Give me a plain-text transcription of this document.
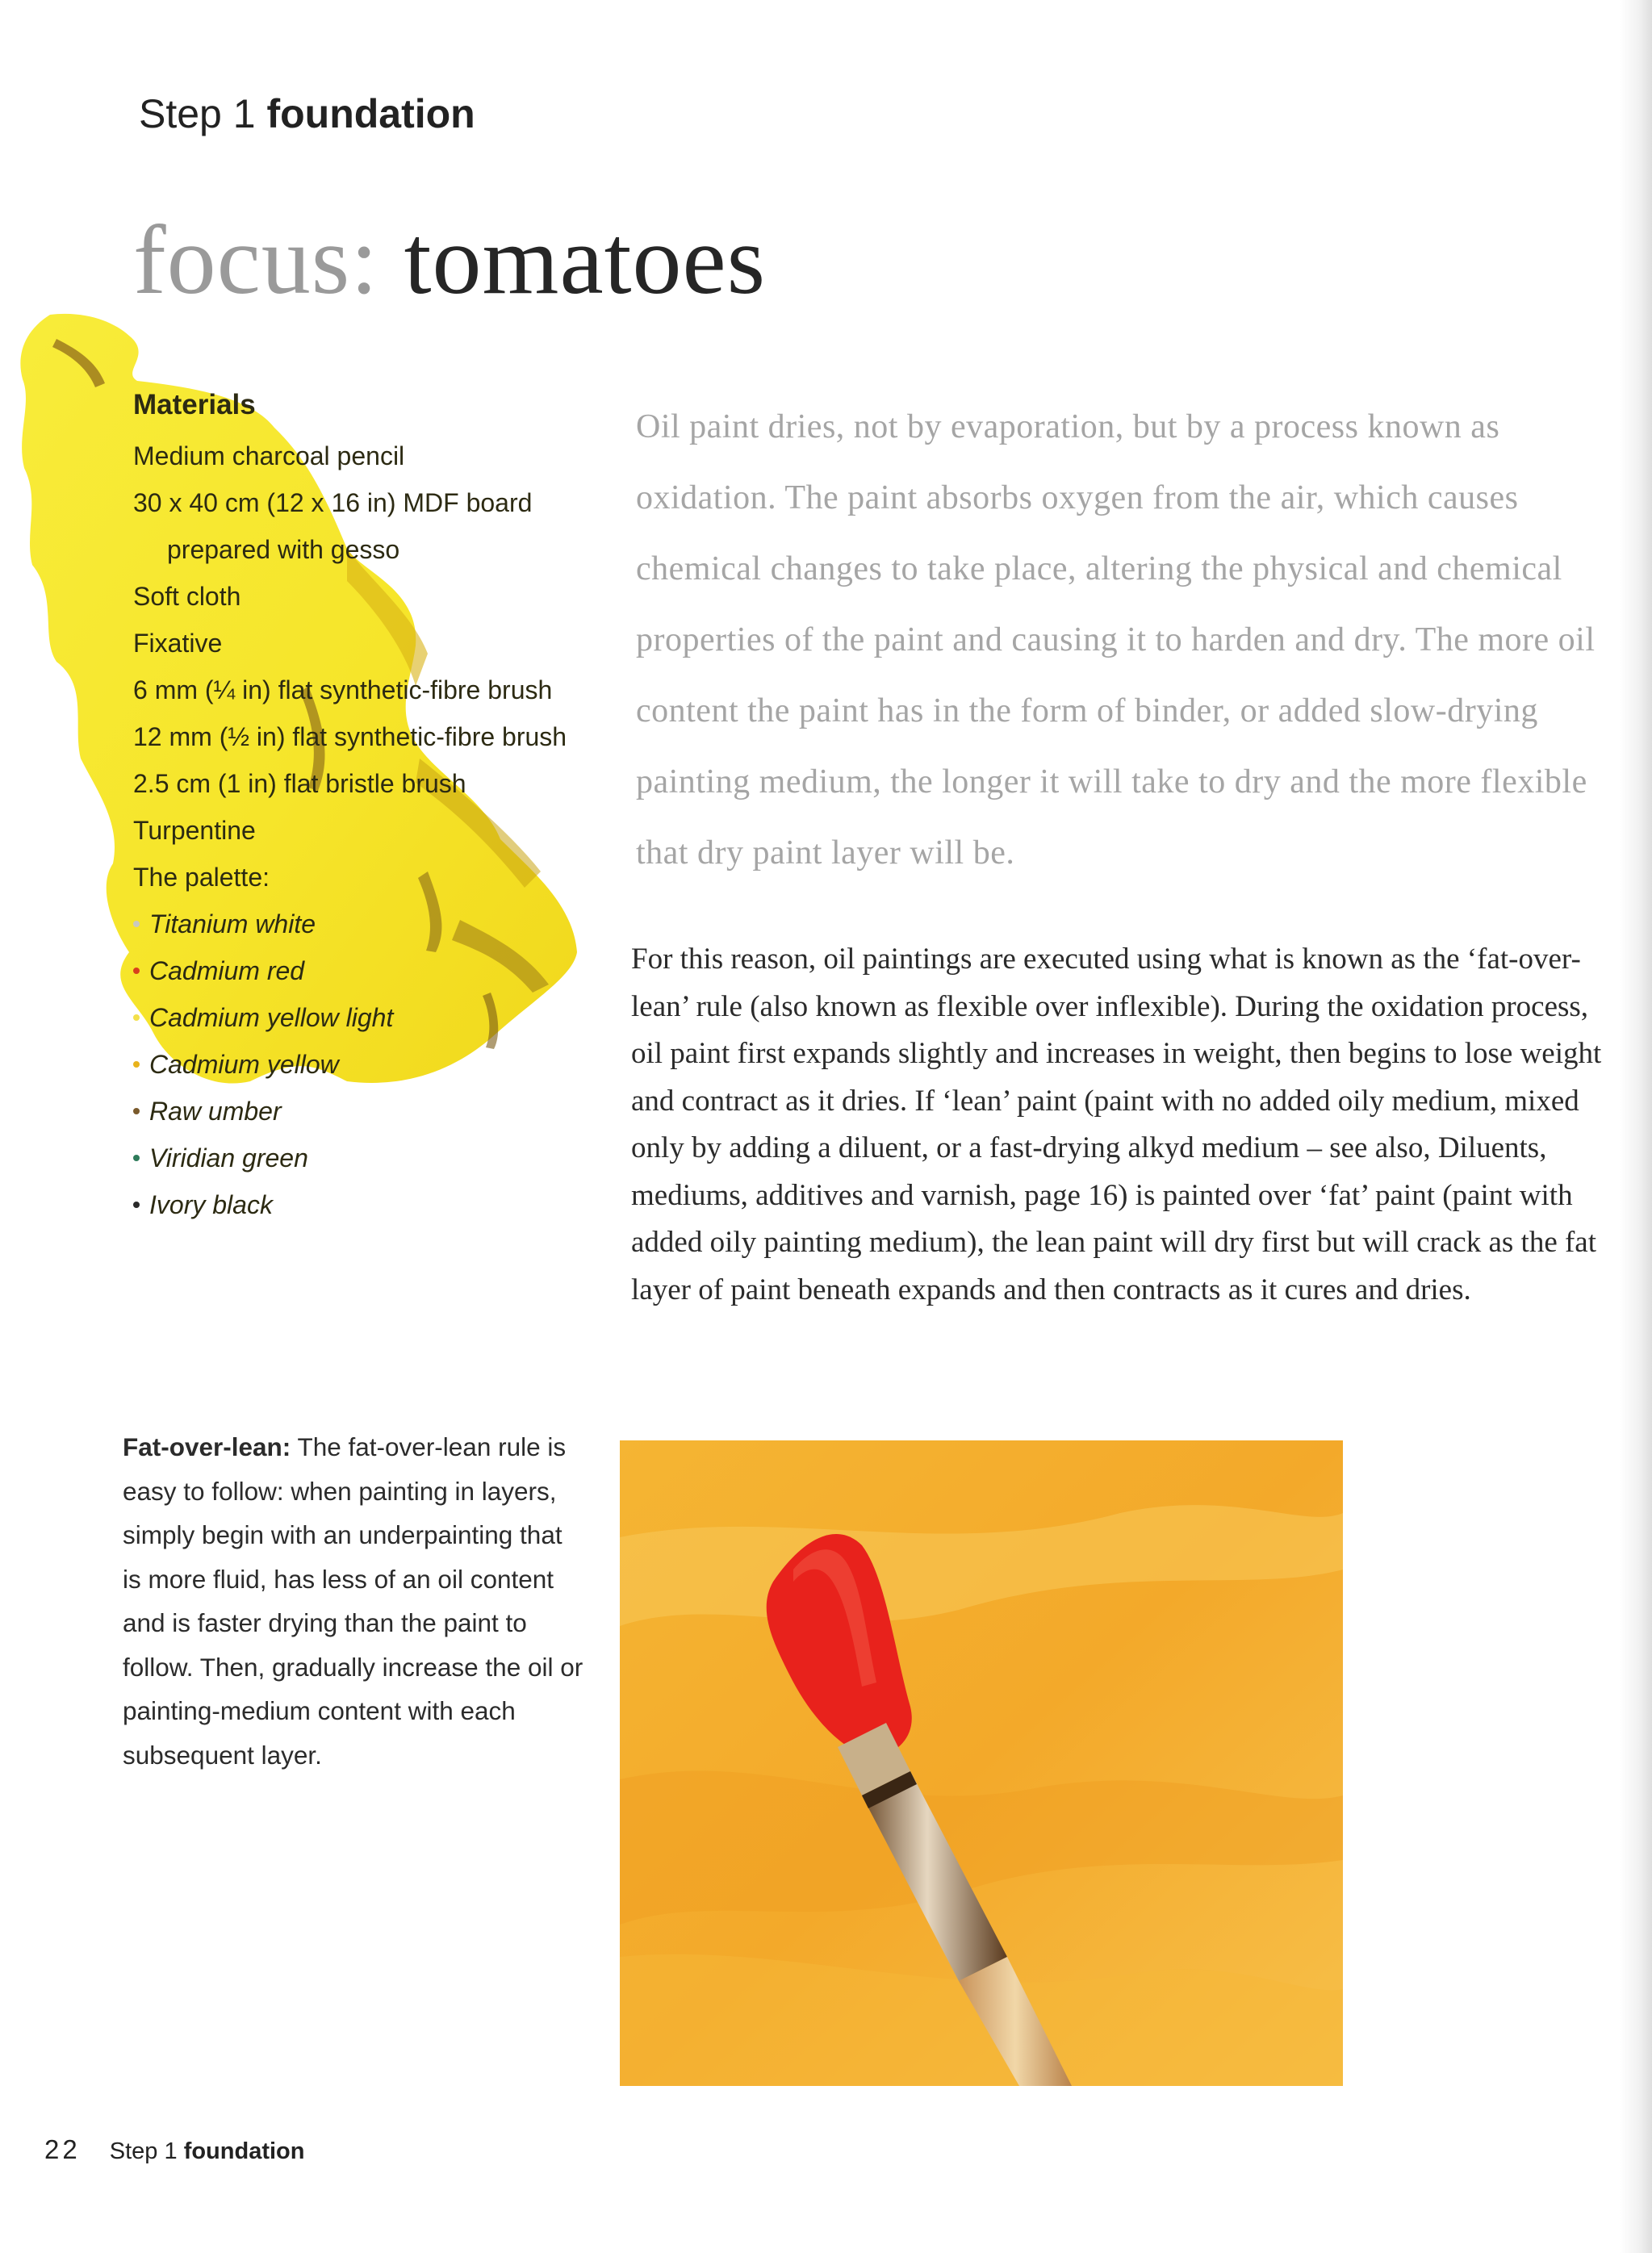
Step 1 foundation
focus: tomatoes
Materials
Medium charcoal pencil
30 x 40 cm (12 x 16 in) MDF board
prepared with gesso
Soft cloth
Fixative
6 mm (¼ in) flat synthetic-fibre brush
12 mm (½ in) flat synthetic-fibre brush
2.5 cm (1 in) flat bristle brush
Turpentine
The palette:
Titanium white
Cadmium red
Cadmium yellow light
Cadmium yellow
Raw umber
Viridian green
Ivory black

Oil paint dries, not by evaporation, but by a process known as oxidation. The paint absorbs oxygen from the air, which causes chemical changes to take place, altering the physical and chemical properties of the paint and causing it to harden and dry. The more oil content the paint has in the form of binder, or added slow-drying painting medium, the longer it will take to dry and the more flexible that dry paint layer will be.

For this reason, oil paintings are executed using what is known as the ‘fat-over-lean’ rule (also known as flexible over inflexible). During the oxidation process, oil paint first expands slightly and increases in weight, then begins to lose weight and contract as it dries. If ‘lean’ paint (paint with no added oily medium, mixed only by adding a diluent, or a fast-drying alkyd medium – see also, Diluents, mediums, additives and varnish, page 16) is painted over ‘fat’ paint (paint with added oily painting medium), the lean paint will dry first but will crack as the fat layer of paint beneath expands and then contracts as it cures and dries.

Fat-over-lean: The fat-over-lean rule is easy to follow: when painting in layers, simply begin with an underpainting that is more fluid, has less of an oil content and is faster drying than the paint to follow. Then, gradually increase the oil or painting-medium content with each subsequent layer.

22 Step 1 foundation
